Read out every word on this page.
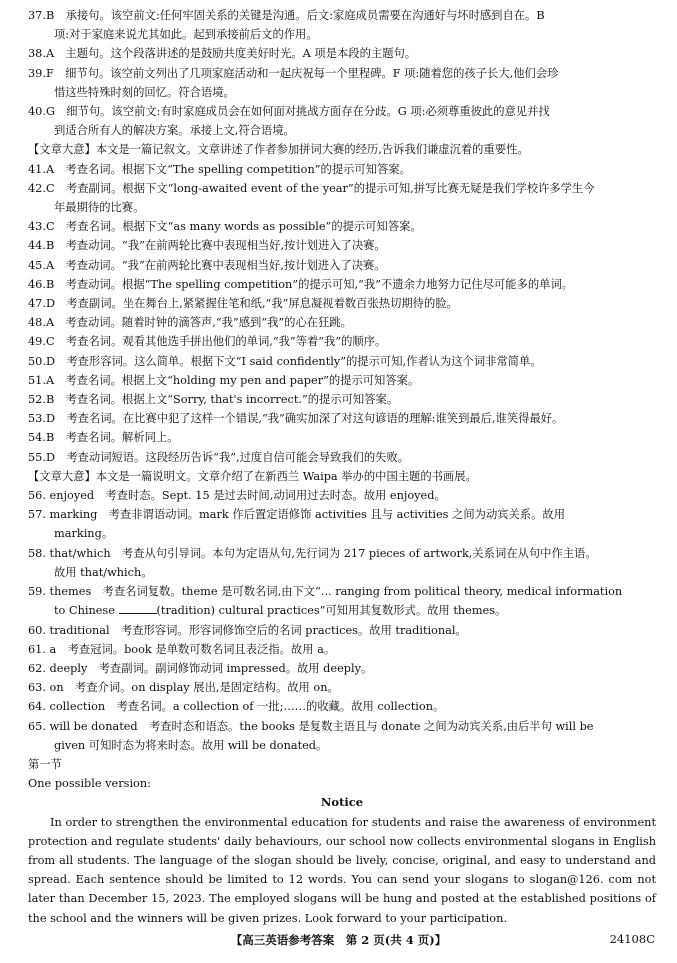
37.B　承接句。该空前文:任何牢固关系的关键是沟通。后文:家庭成员需要在沟通好与坏时感到自在。B
项:对于家庭来说尤其如此。起到承接前后文的作用。
38.A　主题句。这个段落讲述的是鼓励共度美好时光。A 项是本段的主题句。
39.F　细节句。该空前文列出了几项家庭活动和一起庆祝每一个里程碑。F 项:随着您的孩子长大,他们会珍
惜这些特殊时刻的回忆。符合语境。
40.G　细节句。该空前文:有时家庭成员会在如何面对挑战方面存在分歧。G 项:必须尊重彼此的意见并找
到适合所有人的解决方案。承接上文,符合语境。
【文章大意】本文是一篇记叙文。文章讲述了作者参加拼词大赛的经历,告诉我们谦虚沉着的重要性。
41.A　考查名词。根据下文“The spelling competition”的提示可知答案。
42.C　考查副词。根据下文“long-awaited event of the year”的提示可知,拼写比赛无疑是我们学校许多学生今
年最期待的比赛。
43.C　考查名词。根据下文“as many words as possible”的提示可知答案。
44.B　考查动词。“我”在前两轮比赛中表现相当好,按计划进入了决赛。
45.A　考查动词。“我”在前两轮比赛中表现相当好,按计划进入了决赛。
46.B　考查动词。根据“The spelling competition”的提示可知,“我”不遗余力地努力记住尽可能多的单词。
47.D　考查副词。坐在舞台上,紧紧握住笔和纸,“我”屏息凝视着数百张热切期待的脸。
48.A　考查动词。随着时钟的滴答声,“我”感到“我”的心在狂跳。
49.C　考查名词。观看其他选手拼出他们的单词,“我”等着“我”的顺序。
50.D　考查形容词。这么简单。根据下文“I said confidently”的提示可知,作者认为这个词非常简单。
51.A　考查名词。根据上文“holding my pen and paper”的提示可知答案。
52.B　考查名词。根据上文“Sorry, that's incorrect.”的提示可知答案。
53.D　考查名词。在比赛中犯了这样一个错误,“我”确实加深了对这句谚语的理解:谁笑到最后,谁笑得最好。
54.B　考查名词。解析同上。
55.D　考查动词短语。这段经历告诉“我”,过度自信可能会导致我们的失败。
【文章大意】本文是一篇说明文。文章介绍了在新西兰 Waipa 举办的中国主题的书画展。
56. enjoyed　考查时态。Sept. 15 是过去时间,动词用过去时态。故用 enjoyed。
57. marking　考查非谓语动词。mark 作后置定语修饰 activities 且与 activities 之间为动宾关系。故用
marking。
58. that/which　考查从句引导词。本句为定语从句,先行词为 217 pieces of artwork,关系词在从句中作主语。
故用 that/which。
59. themes　考查名词复数。theme 是可数名词,由下文“... ranging from political theory, medical information
to Chinese	(tradition) cultural practices”可知用其复数形式。故用 themes。
60. traditional　考查形容词。形容词修饰空后的名词 practices。故用 traditional。
61. a　考查冠词。book 是单数可数名词且表泛指。故用 a。
62. deeply　考查副词。副词修饰动词 impressed。故用 deeply。
63. on　考查介词。on display 展出,是固定结构。故用 on。
64. collection　考查名词。a collection of 一批;……的收藏。故用 collection。
65. will be donated　考查时态和语态。the books 是复数主语且与 donate 之间为动宾关系,由后半句 will be
given 可知时态为将来时态。故用 will be donated。
第一节
One possible version:
Notice
In order to strengthen the environmental education for students and raise the awareness of environment protection and regulate students' daily behaviours, our school now collects environmental slogans in English from all students. The language of the slogan should be lively, concise, original, and easy to understand and spread. Each sentence should be limited to 12 words. You can send your slogans to slogan@126. com not later than December 15, 2023. The employed slogans will be hung and posted at the established positions of the school and the winners will be given prizes. Look forward to your participation.
【高三英语参考答案　第 2 页(共 4 页)】	24108C
